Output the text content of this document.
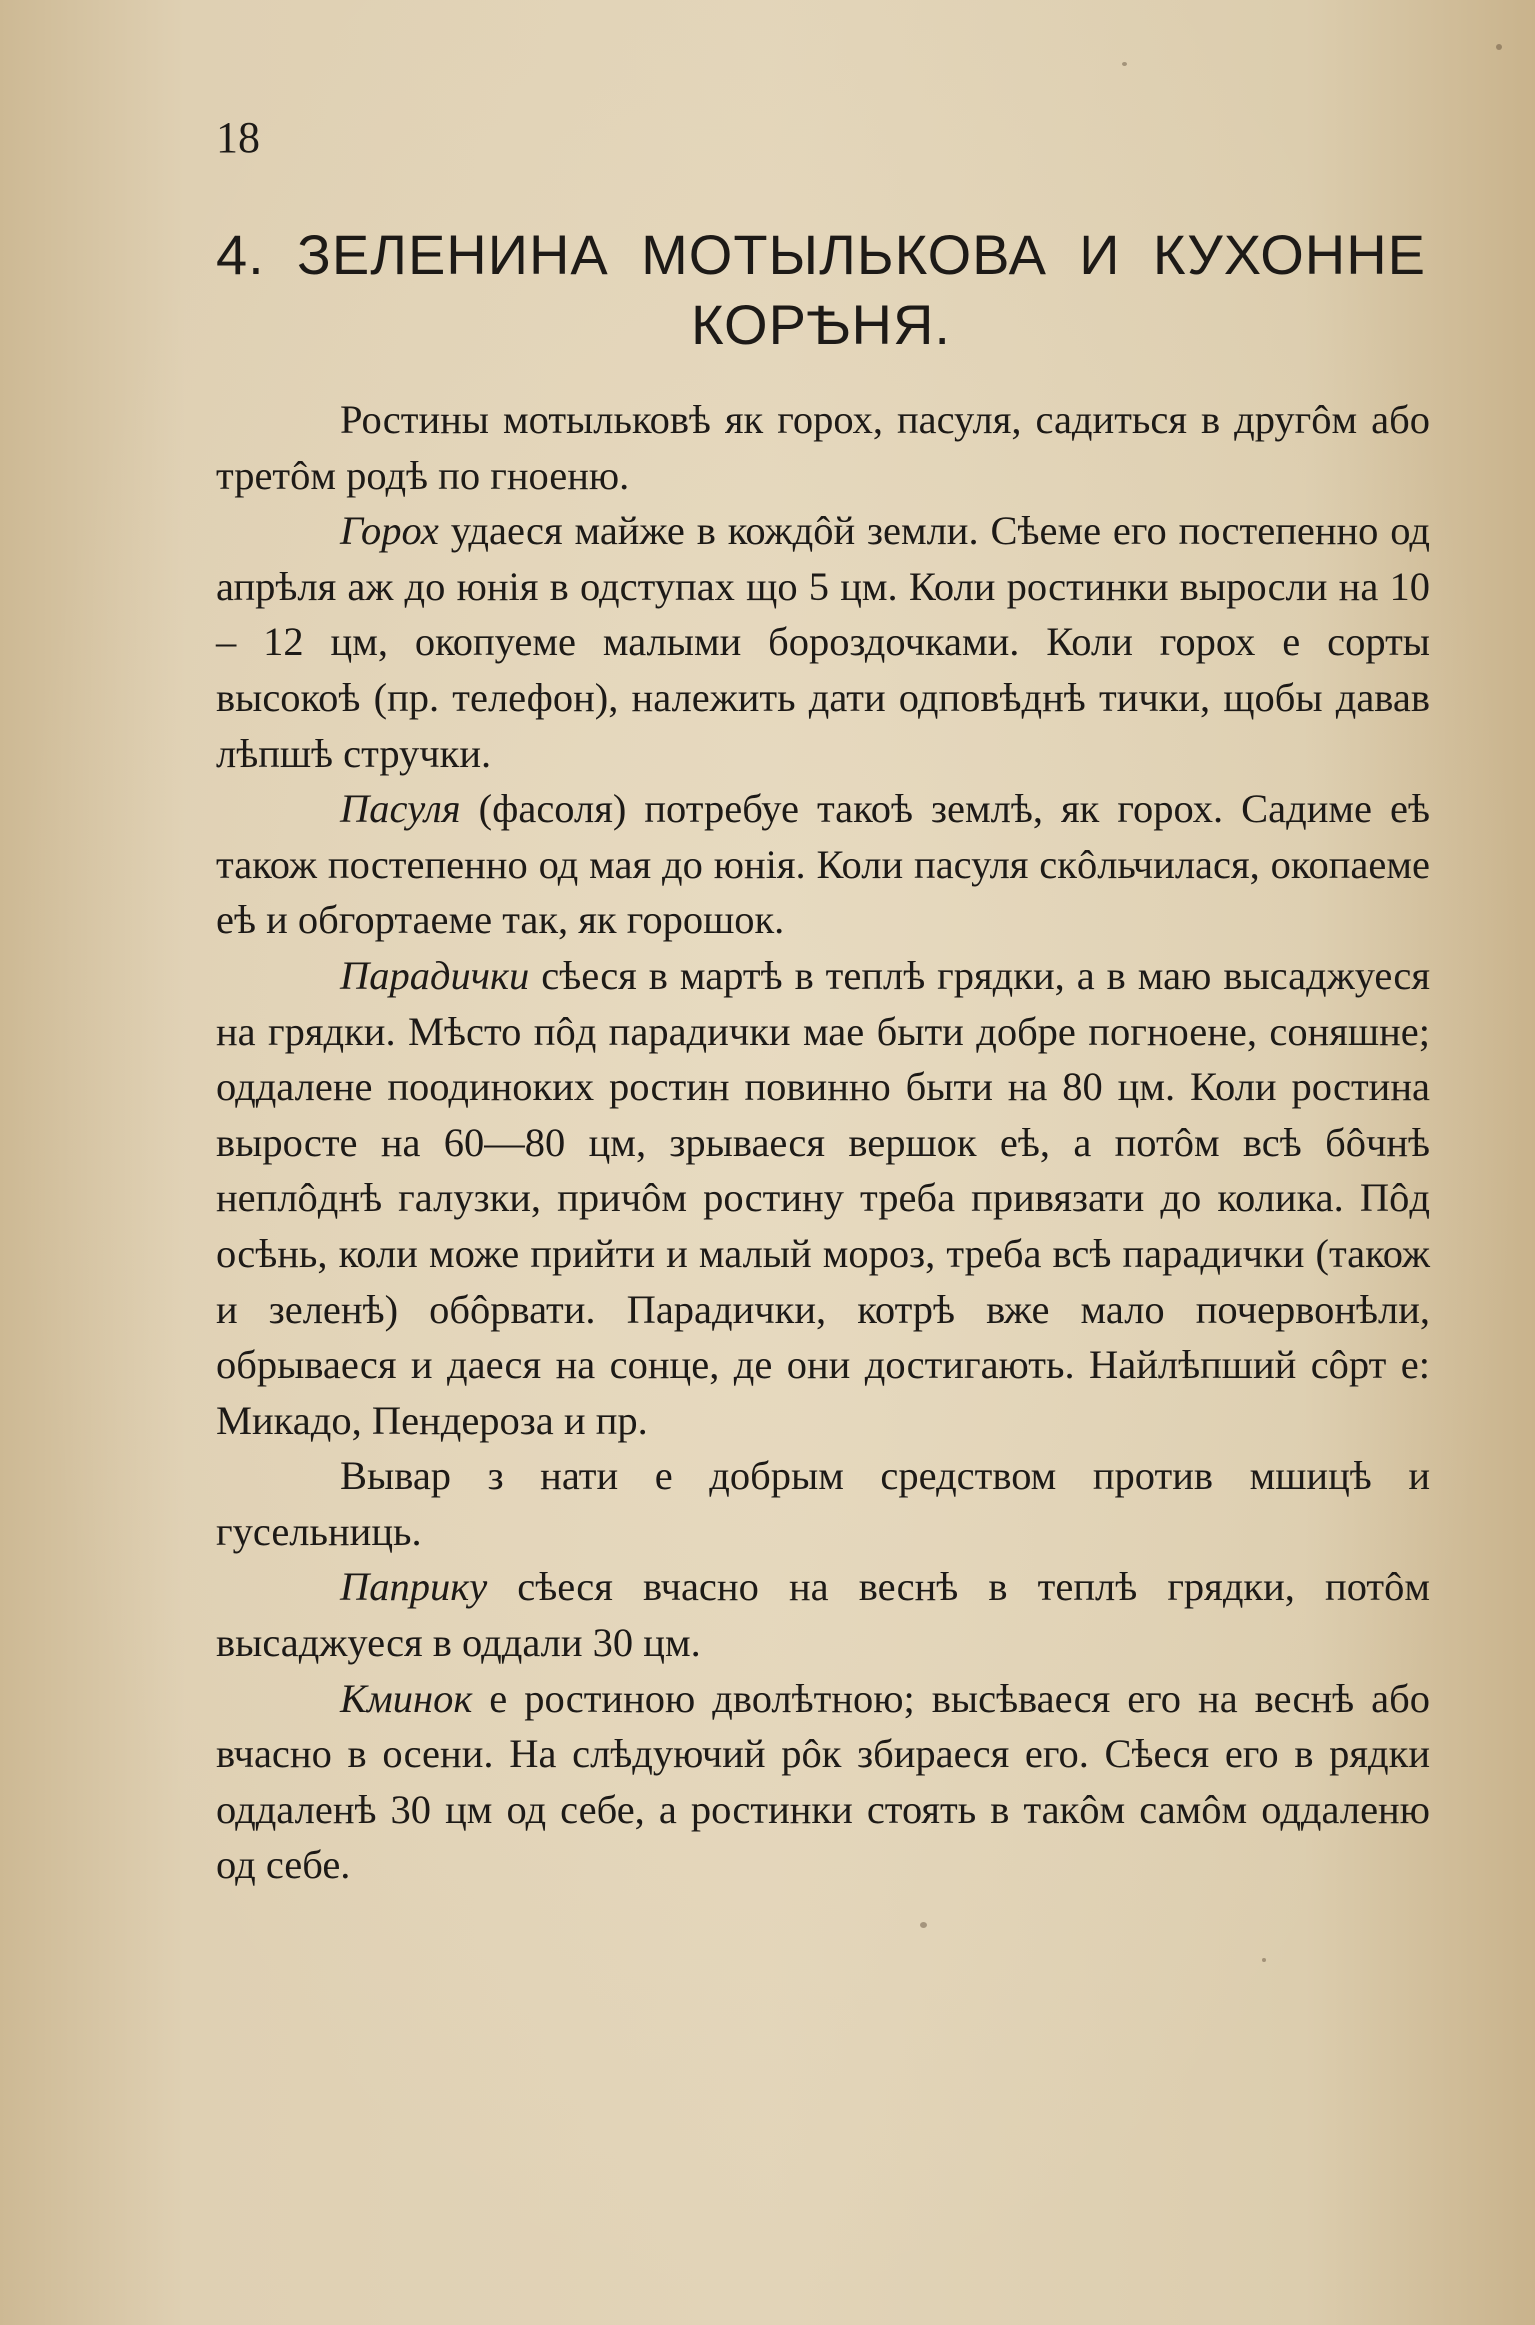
18
4. ЗЕЛЕНИНА МОТЫЛЬКОВА И КУХОННЕ
КОРѢНЯ.

Ростины мотыльковѣ як горох, пасуля, садиться в другôм або третôм родѣ по гноеню.

Горох удаеся майже в кождôй земли. Сѣеме его постепенно од апрѣля аж до юнія в одступах що 5 цм. Коли ростинки выросли на 10 – 12 цм, окопуеме малыми бороздочками. Коли горох е сорты высокоѣ (пр. телефон), належить дати одповѣднѣ тички, щобы давав лѣпшѣ стручки.

Пасуля (фасоля) потребуе такоѣ землѣ, як горох. Садиме еѣ також постепенно од мая до юнія. Коли пасуля скôльчилася, окопаеме еѣ и обгортаеме так, як горошок.

Парадички сѣеся в мартѣ в теплѣ грядки, а в маю высаджуеся на грядки. Мѣсто пôд парадички мае быти добре погноене, соняшне; оддалене поодиноких ростин повинно быти на 80 цм. Коли ростина выросте на 60—80 цм, зрываеся вершок еѣ, а потôм всѣ бôчнѣ неплôднѣ галузки, причôм ростину треба привязати до колика. Пôд осѣнь, коли може прийти и малый мороз, треба всѣ парадички (також и зеленѣ) обôрвати. Парадички, котрѣ вже мало почервонѣли, обрываеся и даеся на сонце, де они достигають. Найлѣпший сôрт е: Микадо, Пендероза и пр.

Вывар з нати е добрым средством против мшицѣ и гусельниць.

Паприку сѣеся вчасно на веснѣ в теплѣ грядки, потôм высаджуеся в оддали 30 цм.

Кминок е ростиною дволѣтною; высѣваеся его на веснѣ або вчасно в осени. На слѣдуючий рôк збираеся его. Сѣеся его в рядки оддаленѣ 30 цм од себе, а ростинки стоять в такôм самôм оддаленю од себе.
